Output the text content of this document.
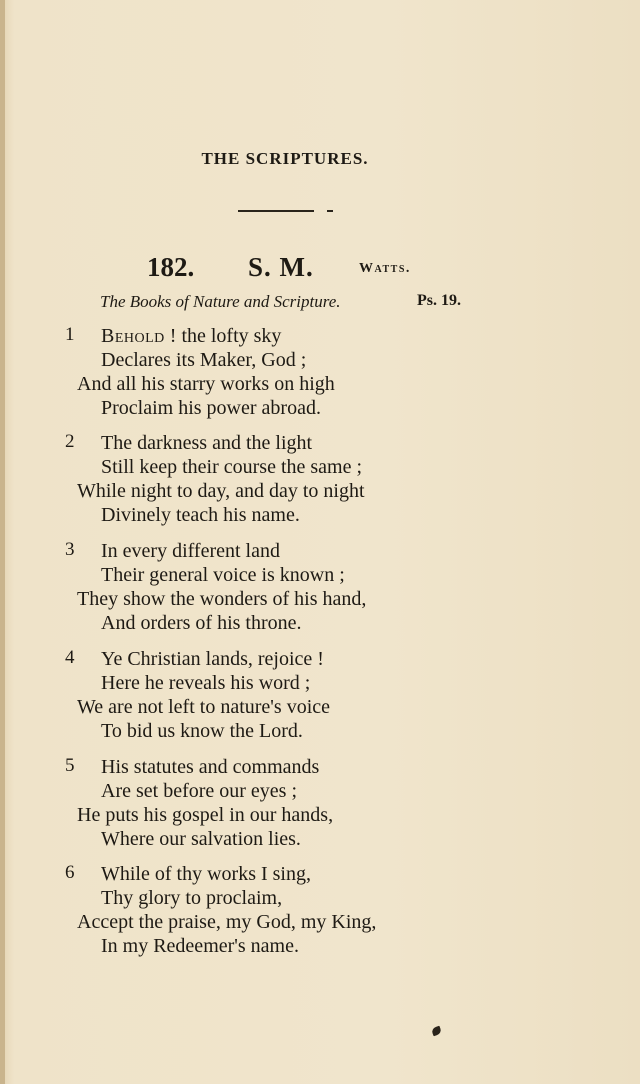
THE SCRIPTURES.
182. S. M.	Watts.
The Books of Nature and Scripture.	Ps. 19.
1 Behold ! the lofty sky
Declares its Maker, God ;
And all his starry works on high
Proclaim his power abroad.
2 The darkness and the light
Still keep their course the same ;
While night to day, and day to night
Divinely teach his name.
3 In every different land
Their general voice is known ;
They show the wonders of his hand,
And orders of his throne.
4 Ye Christian lands, rejoice !
Here he reveals his word ;
We are not left to nature's voice
To bid us know the Lord.
5 His statutes and commands
Are set before our eyes ;
He puts his gospel in our hands,
Where our salvation lies.
6 While of thy works I sing,
Thy glory to proclaim,
Accept the praise, my God, my King,
In my Redeemer's name.
